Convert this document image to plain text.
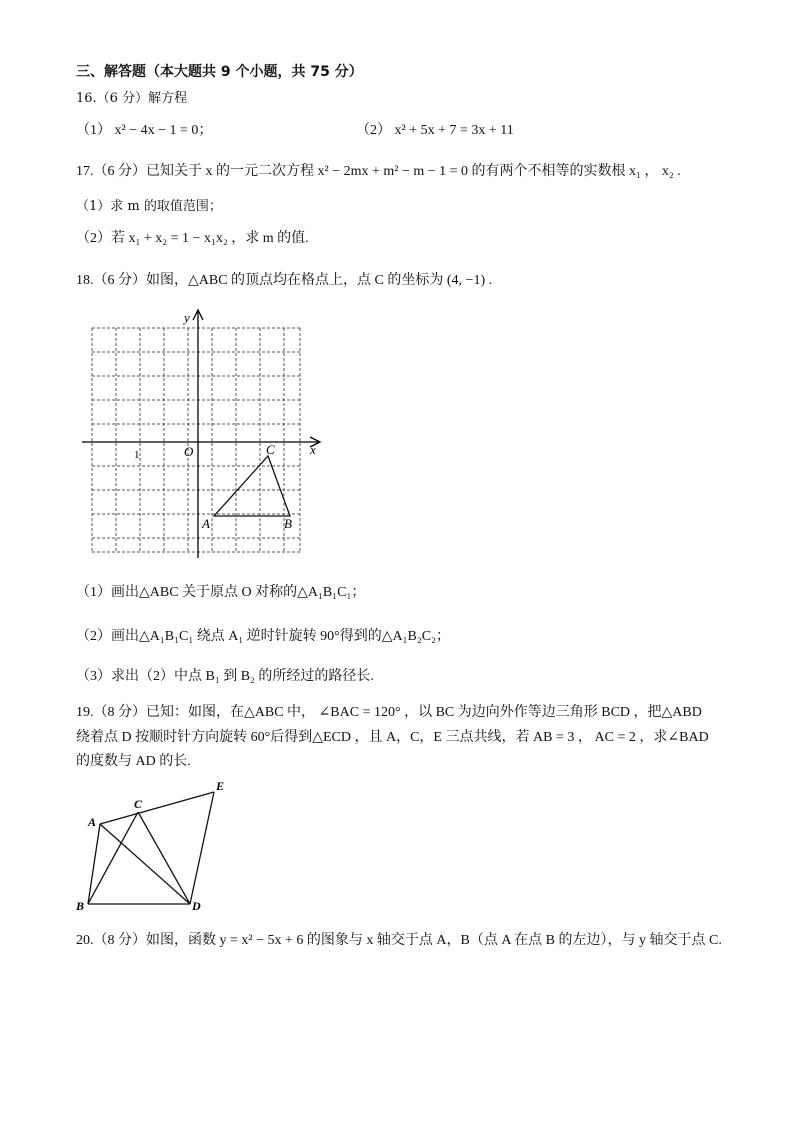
三、解答题（本大题共 9 个小题，共 75 分）
16.（6 分）解方程
（1） x² − 4x − 1 = 0；	（2） x² + 5x + 7 = 3x + 11
17.（6 分）已知关于 x 的一元二次方程 x² − 2mx + m² − m − 1 = 0 的有两个不相等的实数根 x₁ ， x₂ .
（1）求 m 的取值范围；
（2）若 x₁ + x₂ = 1 − x₁x₂ ，求 m 的值.
18.（6 分）如图，△ABC 的顶点均在格点上，点 C 的坐标为 (4, −1) .
x
y
O
1
A	B
C
（1）画出△ABC 关于原点 O 对称的△A₁B₁C₁；
（2）画出△A₁B₁C₁ 绕点 A₁ 逆时针旋转 90°得到的△A₁B₂C₂；
（3）求出（2）中点 B₁ 到 B₂ 的所经过的路径长.
19.（8 分）已知：如图，在△ABC 中， ∠BAC = 120° ，以 BC 为边向外作等边三角形 BCD ，把△ABD
绕着点 D 按顺时针方向旋转 60°后得到△ECD ，且 A，C，E 三点共线，若 AB = 3 ， AC = 2 ，求∠BAD
的度数与 AD 的长.
A
B
C
D
E
20.（8 分）如图，函数 y = x² − 5x + 6 的图象与 x 轴交于点 A，B（点 A 在点 B 的左边），与 y 轴交于点 C.
